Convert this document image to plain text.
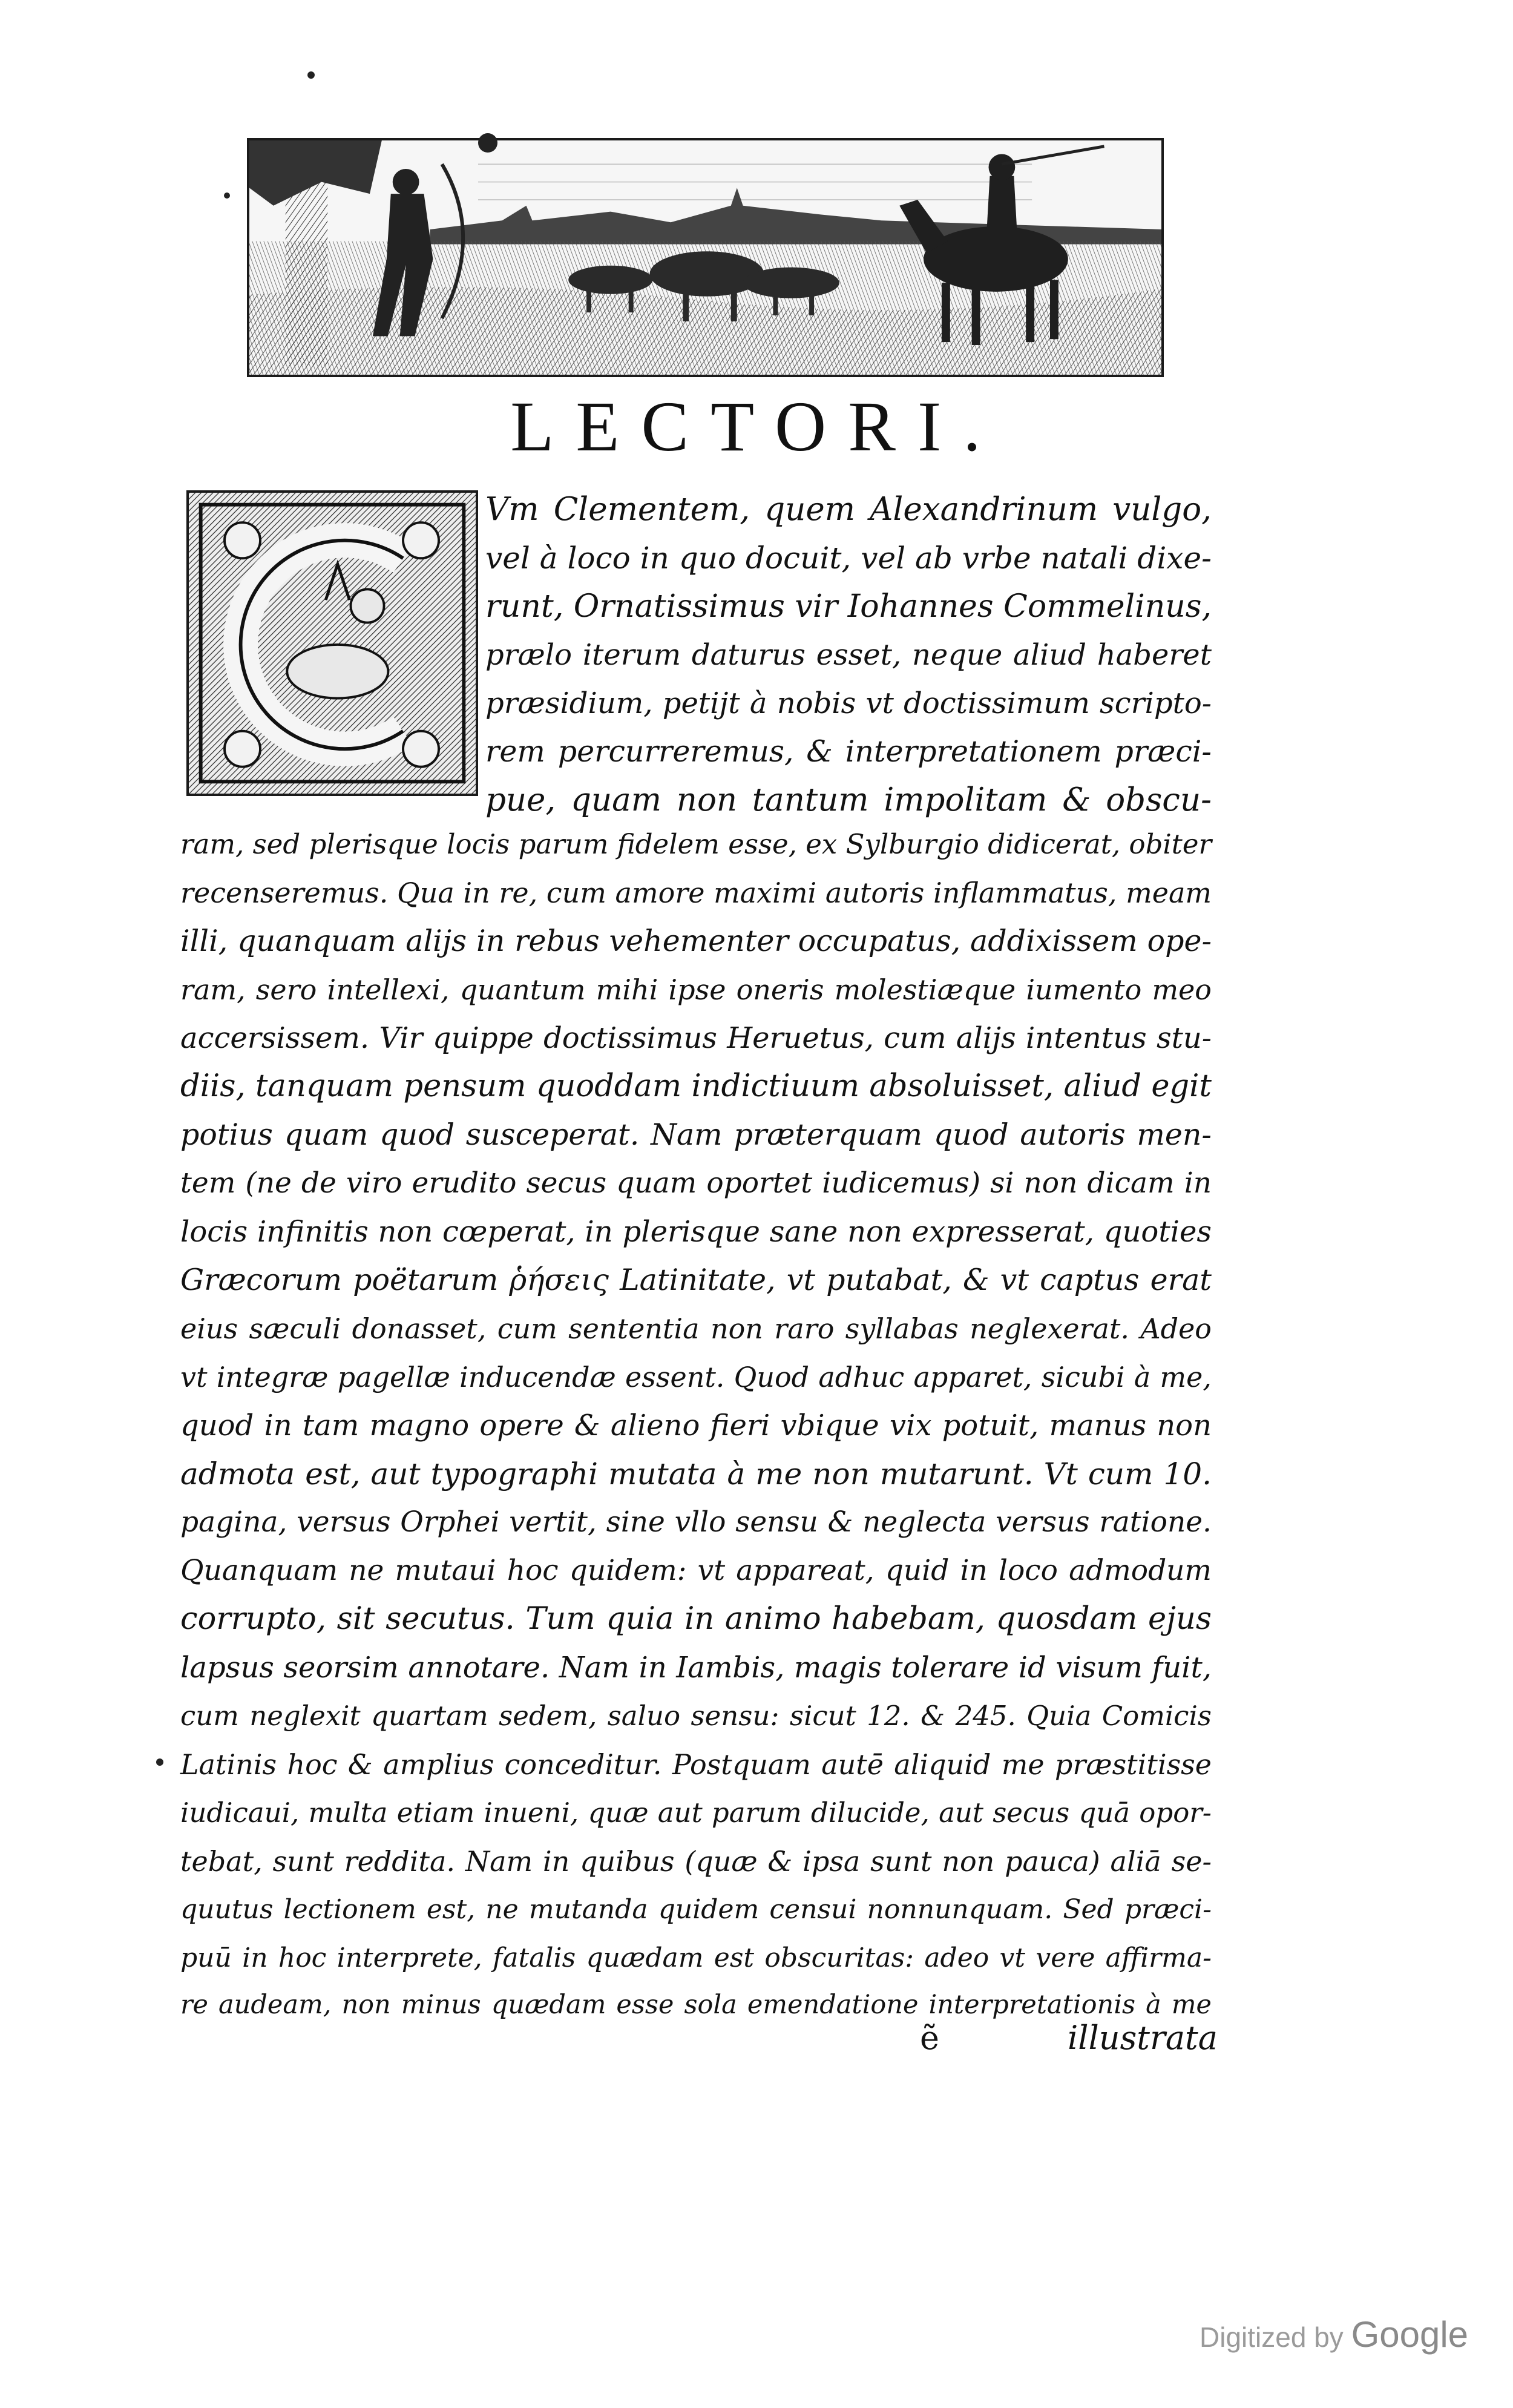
LECTORI.
Vm Clementem, quem Alexandrinum vulgo,
vel à loco in quo docuit, vel ab vrbe natali dixe-
runt, Ornatissimus vir Iohannes Commelinus,
prælo iterum daturus esset, neque aliud haberet
præsidium, petijt à nobis vt doctissimum scripto-
rem percurreremus, & interpretationem præci-
pue, quam non tantum impolitam & obscu-
ram, sed plerisque locis parum fidelem esse, ex Sylburgio didicerat, obiter
recenseremus. Qua in re, cum amore maximi autoris inflammatus, meam
illi, quanquam alijs in rebus vehementer occupatus, addixissem ope-
ram, sero intellexi, quantum mihi ipse oneris molestiæque iumento meo
accersissem. Vir quippe doctissimus Heruetus, cum alijs intentus stu-
diis, tanquam pensum quoddam indictiuum absoluisset, aliud egit
potius quam quod susceperat. Nam præterquam quod autoris men-
tem (ne de viro erudito secus quam oportet iudicemus) si non dicam in
locis infinitis non cœperat, in plerisque sane non expresserat, quoties
Græcorum poëtarum ῥήσεις Latinitate, vt putabat, & vt captus erat
eius sæculi donasset, cum sententia non raro syllabas neglexerat. Adeo
vt integræ pagellæ inducendæ essent. Quod adhuc apparet, sicubi à me,
quod in tam magno opere & alieno fieri vbique vix potuit, manus non
admota est, aut typographi mutata à me non mutarunt. Vt cum 10.
pagina, versus Orphei vertit, sine vllo sensu & neglecta versus ratione.
Quanquam ne mutaui hoc quidem: vt appareat, quid in loco admodum
corrupto, sit secutus. Tum quia in animo habebam, quosdam ejus
lapsus seorsim annotare. Nam in Iambis, magis tolerare id visum fuit,
cum neglexit quartam sedem, saluo sensu: sicut 12. & 245. Quia Comicis
Latinis hoc & amplius conceditur. Postquam autē aliquid me præstitisse
iudicaui, multa etiam inueni, quæ aut parum dilucide, aut secus quā opor-
tebat, sunt reddita. Nam in quibus (quæ & ipsa sunt non pauca) aliā se-
quutus lectionem est, ne mutanda quidem censui nonnunquam. Sed præci-
puū in hoc interprete, fatalis quædam est obscuritas: adeo vt vere affirma-
re audeam, non minus quædam esse sola emendatione interpretationis à me
ẽ	illustrata
Digitized by Google
